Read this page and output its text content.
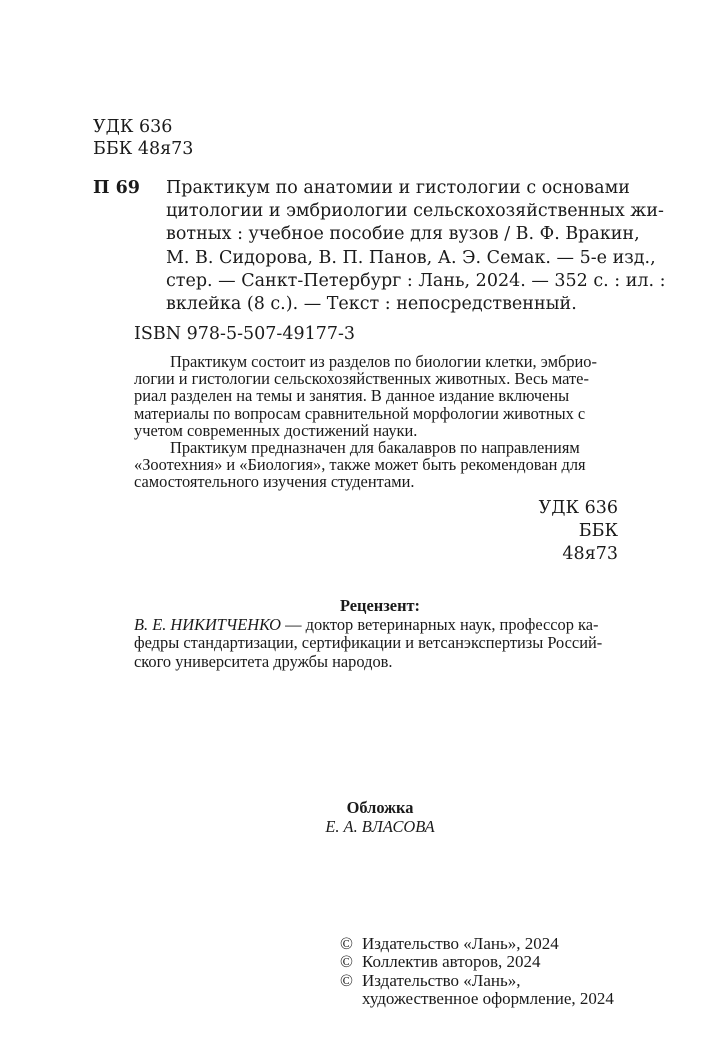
УДК 636
ББК 48я73
П 69 Практикум по анатомии и гистологии с основами
цитологии и эмбриологии сельскохозяйственных жи-
вотных : учебное пособие для вузов / В. Ф. Вракин,
М. В. Сидорова, В. П. Панов, А. Э. Семак. — 5-е изд.,
стер. — Санкт-Петербург : Лань, 2024. — 352 с. : ил. :
вклейка (8 с.). — Текст : непосредственный.
ISBN 978-5-507-49177-3
Практикум состоит из разделов по биологии клетки, эмбрио-
логии и гистологии сельскохозяйственных животных. Весь матe-
риал разделен на темы и занятия. В данное издание включены
материалы по вопросам сравнительной морфологии животных с
учетом современных достижений науки.
Практикум предназначен для бакалавров по направлениям
«Зоотехния» и «Биология», также может быть рекомендован для
самостоятельного изучения студентами.
УДК 636
ББК 48я73
Рецензент:
В. Е. НИКИТЧЕНКО — доктор ветеринарных наук, профессор ка-
федры стандартизации, сертификации и ветсанэкспертизы Россий-
ского университета дружбы народов.
Обложка
Е. А. ВЛАСОВА
© Издательство «Лань», 2024
© Коллектив авторов, 2024
© Издательство «Лань»,
художественное оформление, 2024
